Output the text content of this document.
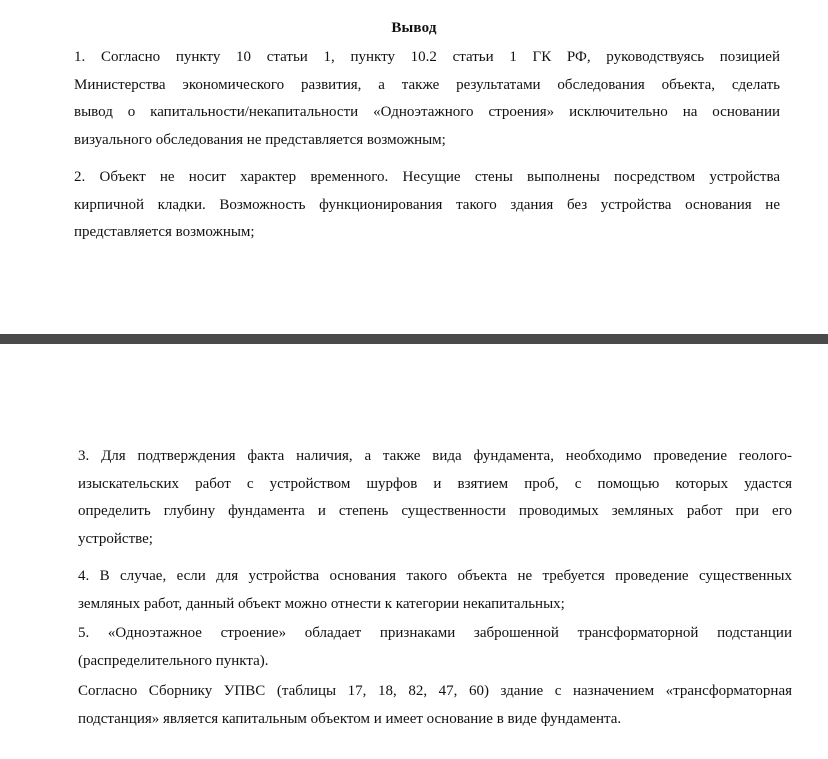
Вывод
1. Согласно пункту 10 статьи 1, пункту 10.2 статьи 1 ГК РФ, руководствуясь позицией
Министерства экономического развития, а также результатами обследования объекта, сделать
вывод о капитальности/некапитальности «Одноэтажного строения» исключительно на основании
визуального обследования не представляется возможным;
2. Объект не носит характер временного. Несущие стены выполнены посредством устройства
кирпичной кладки. Возможность функционирования такого здания без устройства основания не
представляется возможным;
3. Для подтверждения факта наличия, а также вида фундамента, необходимо проведение геолого-
изыскательских работ с устройством шурфов и взятием проб, с помощью которых удастся
определить глубину фундамента и степень существенности проводимых земляных работ при его
устройстве;
4. В случае, если для устройства основания такого объекта не требуется проведение существенных
земляных работ, данный объект можно отнести к категории некапитальных;
5. «Одноэтажное строение» обладает признаками заброшенной трансформаторной подстанции
(распределительного пункта).
Согласно Сборнику УПВС (таблицы 17, 18, 82, 47, 60) здание с назначением «трансформаторная
подстанция» является капитальным объектом и имеет основание в виде фундамента.
